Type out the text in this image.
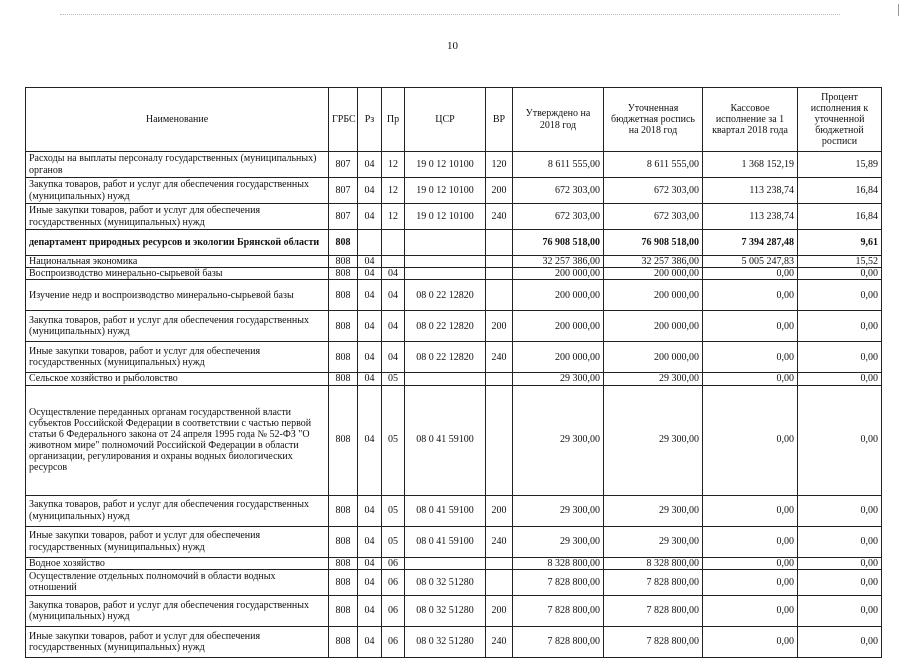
10
Наименование	ГРБС	Рз	Пр	ЦСР	ВР	Утверждено на 2018 год	Уточненная бюджетная роспись на 2018 год	Кассовое исполнение за 1 квартал 2018 года	Процент исполнения к уточненной бюджетной росписи
Расходы на выплаты персоналу государственных (муниципальных) органов	807	04	12	19 0 12 10100	120	8 611 555,00	8 611 555,00	1 368 152,19	15,89
Закупка товаров, работ и услуг для обеспечения государственных (муниципальных) нужд	807	04	12	19 0 12 10100	200	672 303,00	672 303,00	113 238,74	16,84
Иные закупки товаров, работ и услуг для обеспечения государственных (муниципальных) нужд	807	04	12	19 0 12 10100	240	672 303,00	672 303,00	113 238,74	16,84
департамент природных ресурсов и экологии Брянской области	808					76 908 518,00	76 908 518,00	7 394 287,48	9,61
Национальная экономика	808	04				32 257 386,00	32 257 386,00	5 005 247,83	15,52
Воспроизводство минерально-сырьевой базы	808	04	04			200 000,00	200 000,00	0,00	0,00
Изучение недр и воспроизводство минерально-сырьевой базы	808	04	04	08 0 22 12820		200 000,00	200 000,00	0,00	0,00
Закупка товаров, работ и услуг для обеспечения государственных (муниципальных) нужд	808	04	04	08 0 22 12820	200	200 000,00	200 000,00	0,00	0,00
Иные закупки товаров, работ и услуг для обеспечения государственных (муниципальных) нужд	808	04	04	08 0 22 12820	240	200 000,00	200 000,00	0,00	0,00
Сельское хозяйство и рыболовство	808	04	05			29 300,00	29 300,00	0,00	0,00
Осуществление переданных органам государственной власти субъектов Российской Федерации в соответствии с частью первой статьи 6 Федерального закона от 24 апреля 1995 года № 52-ФЗ "О животном мире" полномочий Российской Федерации в области организации, регулирования и охраны водных биологических ресурсов	808	04	05	08 0 41 59100		29 300,00	29 300,00	0,00	0,00
Закупка товаров, работ и услуг для обеспечения государственных (муниципальных) нужд	808	04	05	08 0 41 59100	200	29 300,00	29 300,00	0,00	0,00
Иные закупки товаров, работ и услуг для обеспечения государственных (муниципальных) нужд	808	04	05	08 0 41 59100	240	29 300,00	29 300,00	0,00	0,00
Водное хозяйство	808	04	06			8 328 800,00	8 328 800,00	0,00	0,00
Осуществление отдельных полномочий в области водных отношений	808	04	06	08 0 32 51280		7 828 800,00	7 828 800,00	0,00	0,00
Закупка товаров, работ и услуг для обеспечения государственных (муниципальных) нужд	808	04	06	08 0 32 51280	200	7 828 800,00	7 828 800,00	0,00	0,00
Иные закупки товаров, работ и услуг для обеспечения государственных (муниципальных) нужд	808	04	06	08 0 32 51280	240	7 828 800,00	7 828 800,00	0,00	0,00
